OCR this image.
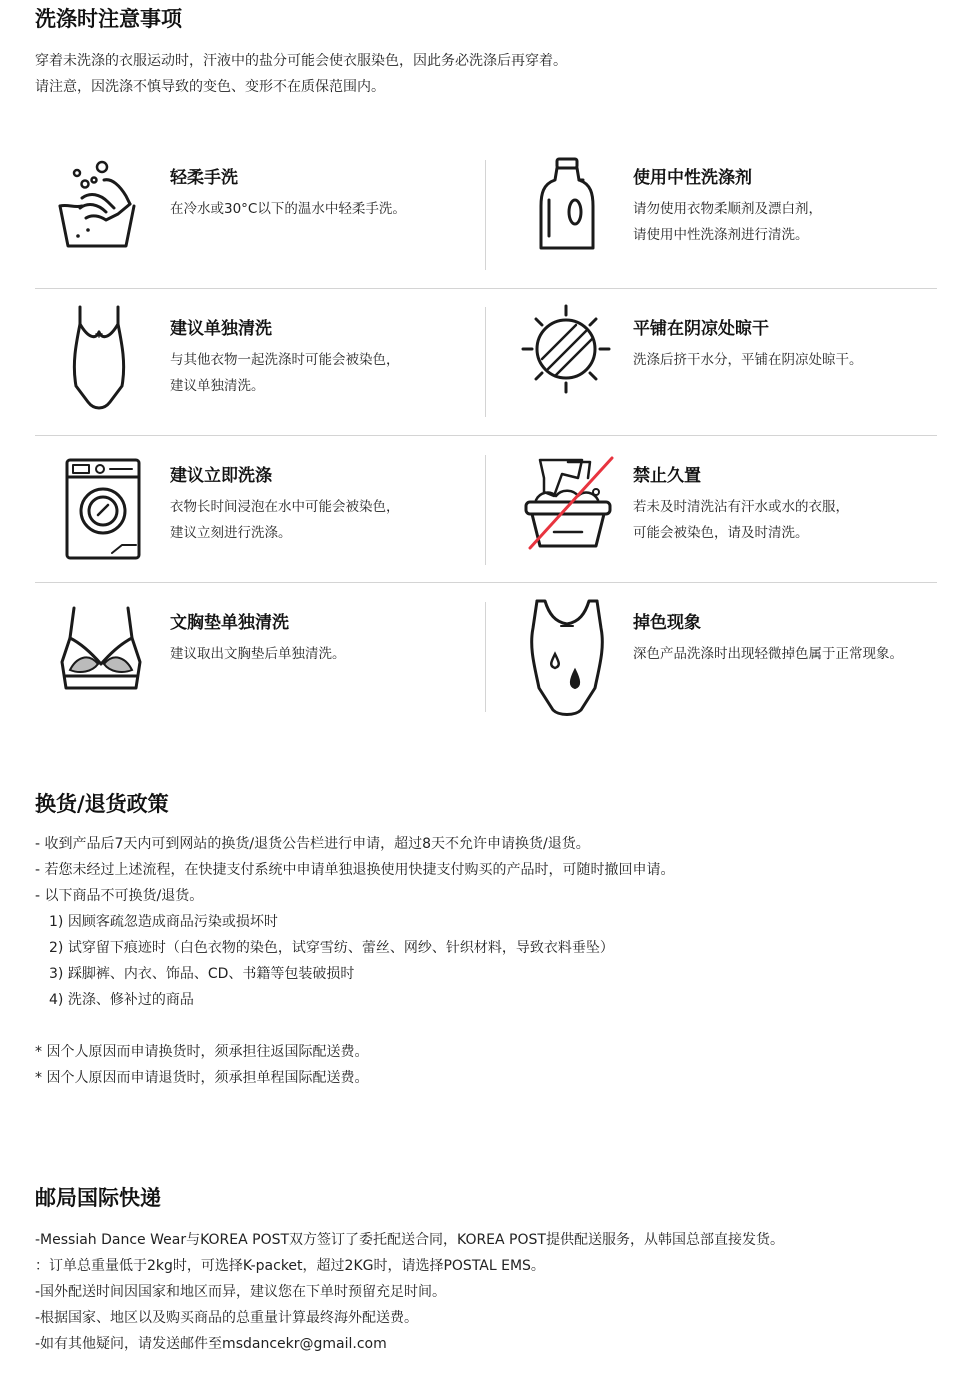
洗涤时注意事项
穿着未洗涤的衣服运动时，汗液中的盐分可能会使衣服染色，因此务必洗涤后再穿着。
请注意，因洗涤不慎导致的变色、变形不在质保范围内。
轻柔手洗
在冷水或30°C以下的温水中轻柔手洗。
使用中性洗涤剂
请勿使用衣物柔顺剂及漂白剂，
请使用中性洗涤剂进行清洗。
建议单独清洗
与其他衣物一起洗涤时可能会被染色，
建议单独清洗。
平铺在阴凉处晾干
洗涤后挤干水分，平铺在阴凉处晾干。
建议立即洗涤
衣物长时间浸泡在水中可能会被染色，
建议立刻进行洗涤。
禁止久置
若未及时清洗沾有汗水或水的衣服，
可能会被染色，请及时清洗。
文胸垫单独清洗
建议取出文胸垫后单独清洗。
掉色现象
深色产品洗涤时出现轻微掉色属于正常现象。
换货/退货政策
- 收到产品后7天内可到网站的换货/退货公告栏进行申请，超过8天不允许申请换货/退货。
- 若您未经过上述流程，在快捷支付系统中申请单独退换使用快捷支付购买的产品时，可随时撤回申请。
- 以下商品不可换货/退货。
1) 因顾客疏忽造成商品污染或损坏时
2) 试穿留下痕迹时（白色衣物的染色，试穿雪纺、蕾丝、网纱、针织材料，导致衣料垂坠）
3) 踩脚裤、内衣、饰品、CD、书籍等包装破损时
4) 洗涤、修补过的商品
* 因个人原因而申请换货时，须承担往返国际配送费。
* 因个人原因而申请退货时，须承担单程国际配送费。
邮局国际快递
-Messiah Dance Wear与KOREA POST双方签订了委托配送合同，KOREA POST提供配送服务，从韩国总部直接发货。
：订单总重量低于2kg时，可选择K-packet，超过2KG时，请选择POSTAL EMS。
-国外配送时间因国家和地区而异，建议您在下单时预留充足时间。
-根据国家、地区以及购买商品的总重量计算最终海外配送费。
-如有其他疑问，请发送邮件至msdancekr@gmail.com
